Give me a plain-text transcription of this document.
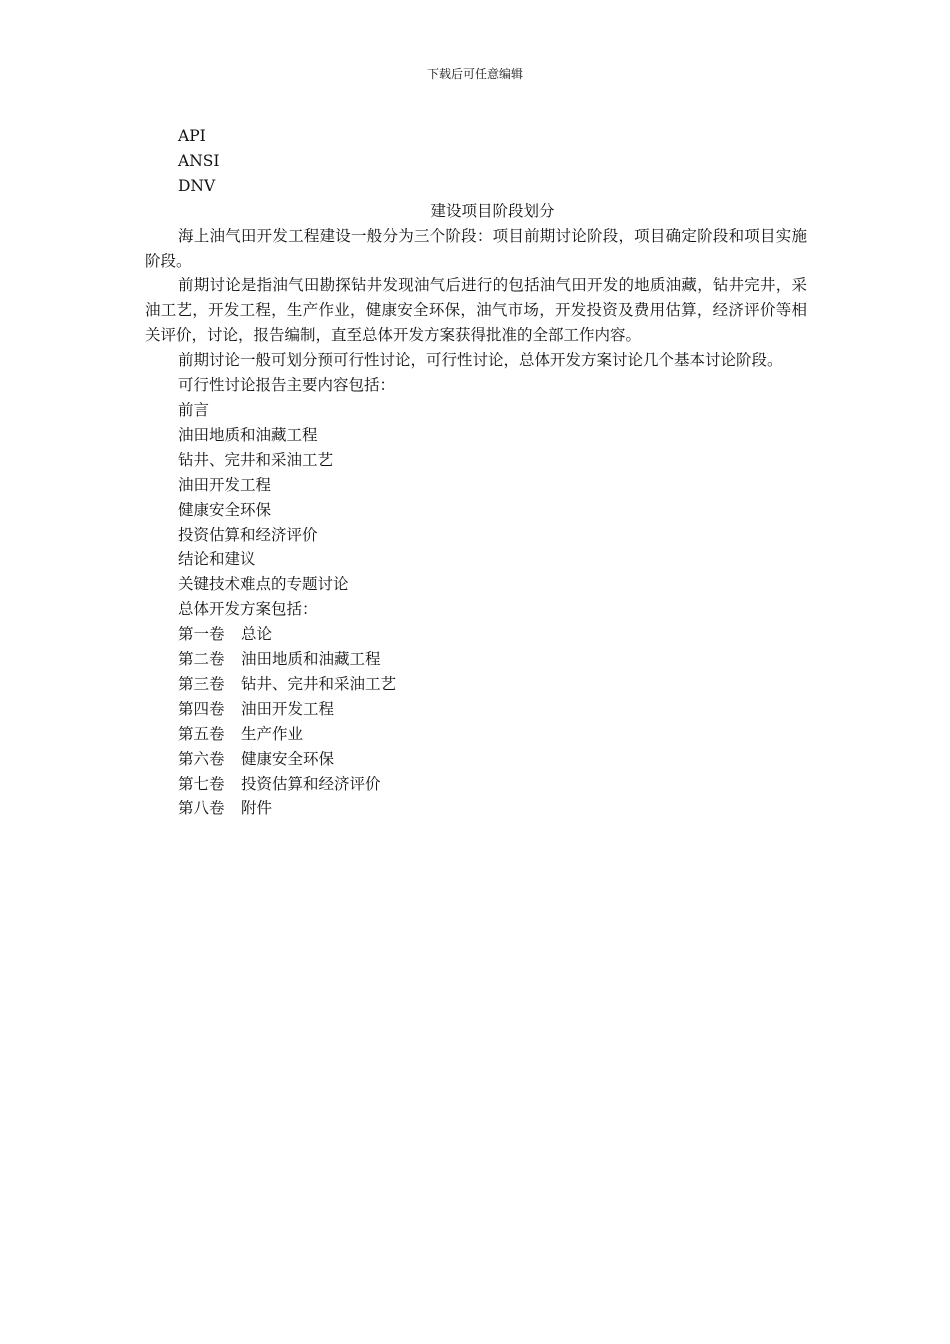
下载后可任意编辑
API
ANSI
DNV
建设项目阶段划分
海上油气田开发工程建设一般分为三个阶段：项目前期讨论阶段，项目确定阶段和项目实施阶段。
前期讨论是指油气田勘探钻井发现油气后进行的包括油气田开发的地质油藏，钻井完井，采油工艺，开发工程，生产作业，健康安全环保，油气市场，开发投资及费用估算，经济评价等相关评价，讨论，报告编制，直至总体开发方案获得批准的全部工作内容。
前期讨论一般可划分预可行性讨论，可行性讨论，总体开发方案讨论几个基本讨论阶段。
可行性讨论报告主要内容包括：
前言
油田地质和油藏工程
钻井、完井和采油工艺
油田开发工程
健康安全环保
投资估算和经济评价
结论和建议
关键技术难点的专题讨论
总体开发方案包括：
第一卷 总论
第二卷 油田地质和油藏工程
第三卷 钻井、完井和采油工艺
第四卷 油田开发工程
第五卷 生产作业
第六卷 健康安全环保
第七卷 投资估算和经济评价
第八卷 附件
